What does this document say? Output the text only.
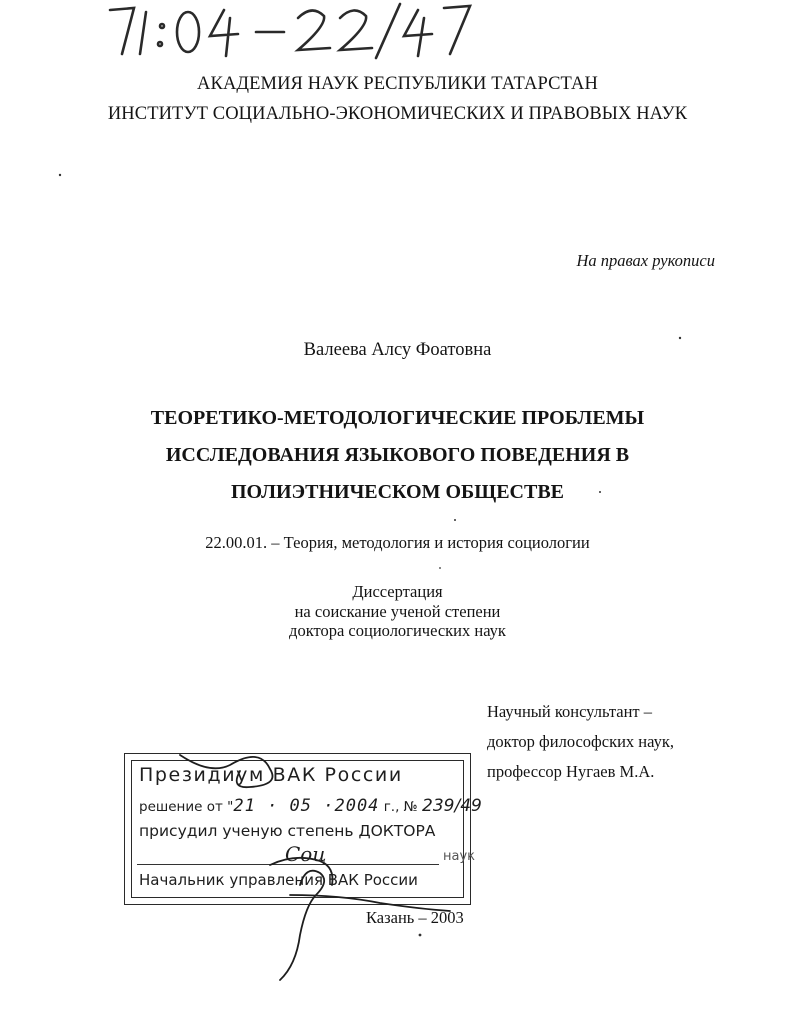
АКАДЕМИЯ НАУК РЕСПУБЛИКИ ТАТАРСТАН
ИНСТИТУТ СОЦИАЛЬНО-ЭКОНОМИЧЕСКИХ И ПРАВОВЫХ НАУК
На правах рукописи
Валеева Алсу Фоатовна
ТЕОРЕТИКО-МЕТОДОЛОГИЧЕСКИЕ ПРОБЛЕМЫ
ИССЛЕДОВАНИЯ ЯЗЫКОВОГО ПОВЕДЕНИЯ В
ПОЛИЭТНИЧЕСКОМ ОБЩЕСТВЕ
22.00.01. – Теория, методология и история социологии
Диссертация
на соискание ученой степени
доктора социологических наук
Научный консультант –
доктор философских наук,
профессор Нугаев М.А.
Президиум ВАК России
решение от "21 · 05 ·2004 г., № 239/49
присудил ученую степень ДОКТОРА
Соц	наук
Начальник управления ВАК России
Казань – 2003
